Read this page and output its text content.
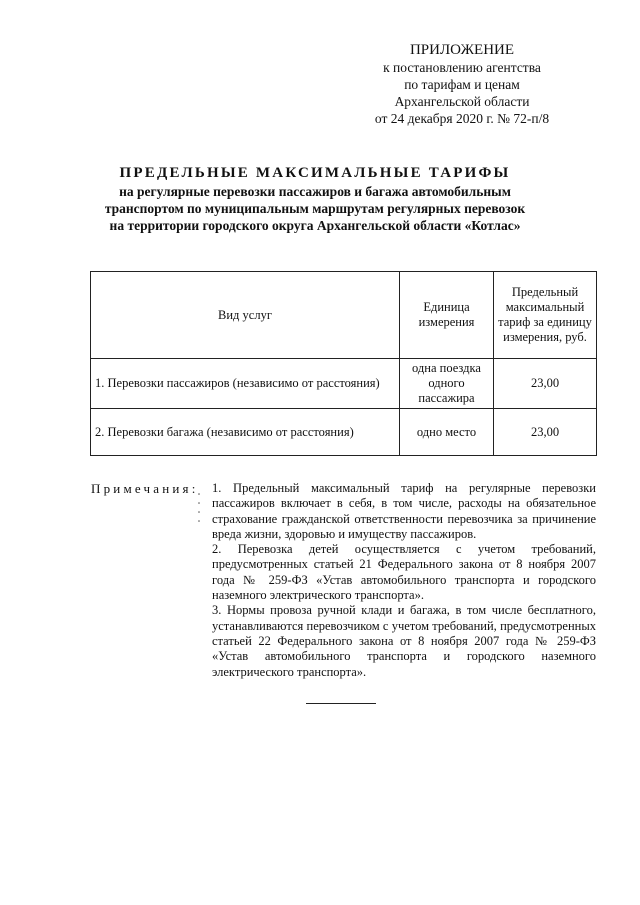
ПРИЛОЖЕНИЕ
к постановлению агентства
по тарифам и ценам
Архангельской области
от 24 декабря 2020 г. № 72-п/8
ПРЕДЕЛЬНЫЕ МАКСИМАЛЬНЫЕ ТАРИФЫ
на регулярные перевозки пассажиров и багажа автомобильным
транспортом по муниципальным маршрутам регулярных перевозок
на территории городского округа Архангельской области «Котлас»
Вид услуг	Единица измерения	Предельный максимальный тариф за единицу измерения, руб.
1. Перевозки пассажиров (независимо от расстояния)	одна поездка одного пассажира	23,00
2. Перевозки багажа (независимо от расстояния)	одно место	23,00
Примечания: 1. Предельный максимальный тариф на регулярные перевозки пассажиров включает в себя, в том числе, расходы на обязательное страхование гражданской ответственности перевозчика за причинение вреда жизни, здоровью и имуществу пассажиров.

2. Перевозка детей осуществляется с учетом требований, предусмотренных статьей 21 Федерального закона от 8 ноября 2007 года № 259-ФЗ «Устав автомобильного транспорта и городского наземного электрического транспорта».

3. Нормы провоза ручной клади и багажа, в том числе бесплатного, устанавливаются перевозчиком с учетом требований, предусмотренных статьей 22 Федерального закона от 8 ноября 2007 года № 259-ФЗ «Устав автомобильного транспорта и городского наземного электрического транспорта».
